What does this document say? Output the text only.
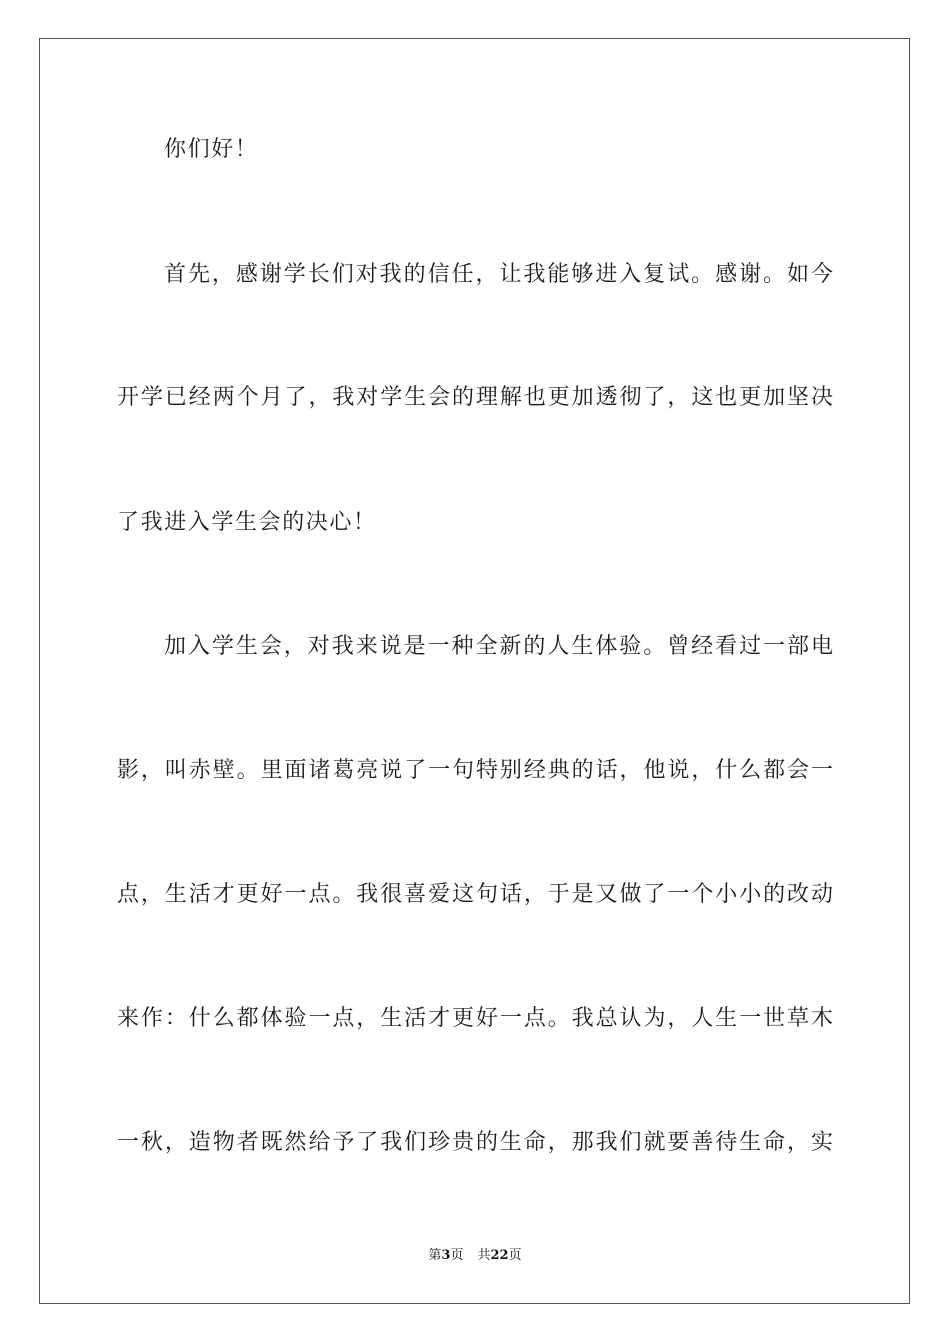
你们好！
首先，感谢学长们对我的信任，让我能够进入复试。感谢。如今
开学已经两个月了，我对学生会的理解也更加透彻了，这也更加坚决
了我进入学生会的决心！
加入学生会，对我来说是一种全新的人生体验。曾经看过一部电
影，叫赤壁。里面诸葛亮说了一句特别经典的话，他说，什么都会一
点，生活才更好一点。我很喜爱这句话，于是又做了一个小小的改动
来作：什么都体验一点，生活才更好一点。我总认为，人生一世草木
一秋，造物者既然给予了我们珍贵的生命，那我们就要善待生命，实
第3页 共22页
